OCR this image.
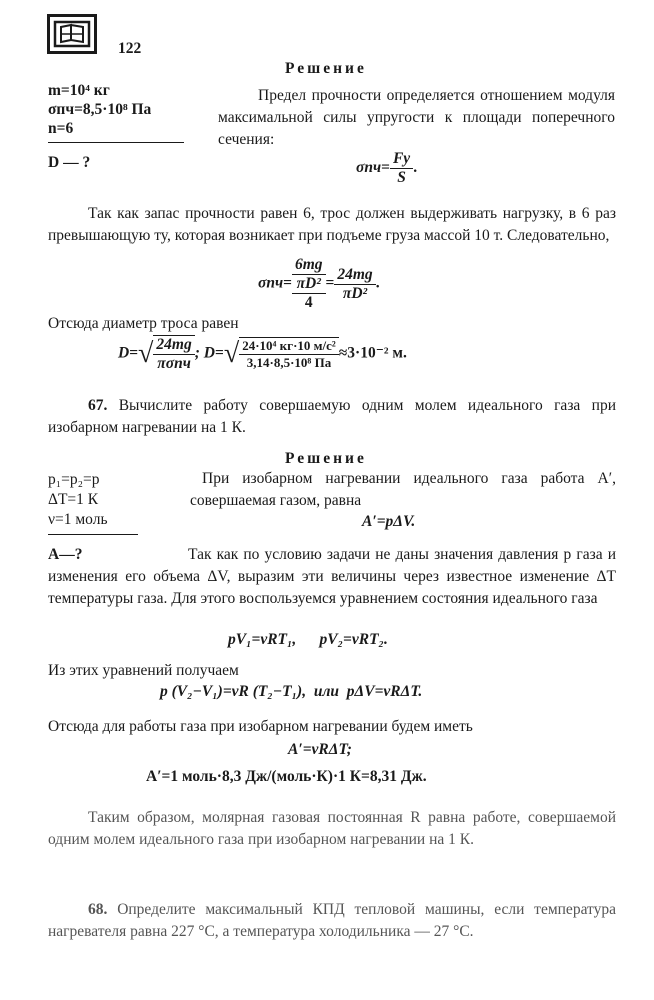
122
m=10⁴ кг
σпч=8,5·10⁸ Па
n=6
D — ?
Решение
Предел прочности определяется отношением модуля максимальной силы упругости к площади поперечного сечения:
$\sigma пч= \frac{Fу}{S}$ .
Так как запас прочности равен 6, трос должен выдерживать нагрузку, в 6 раз превышающую ту, которая возникает при подъеме груза массой 10 т. Следовательно,
σпч=
6mg
πD²
4
= $\frac{24mg}{\text{πD²}}$ .
Отсюда диаметр троса равен
$D=√ \frac{24mg}{\text{πσпч}}$ ; $D=√ \frac{\text{24·10⁴ кг·10 м/с²}}{\text{3,14·8,5·10⁸ Па}} \approx 3\cdot 10^{-2}$ м.
67. Вычислите работу совершаемую одним молем идеального газа при изобарном нагревании на 1 К.
Решение
p₁=p₂=p
ΔT=1 К
ν=1 моль
A—?
При изобарном нагревании идеального газа работа A′, совершаемая газом, равна
A′=pΔV.
Так как по условию задачи не даны значения давления p газа и изменения его объема ΔV, выразим эти величины через известное изменение ΔT температуры газа. Для этого воспользуемся уравнением состояния идеального газа
pV₁=νRT₁,      pV₂=νRT₂.
Из этих уравнений получаем
p (V₂−V₁)=νR (T₂−T₁),  или  pΔV=νRΔT.
Отсюда для работы газа при изобарном нагревании будем иметь
A′=νRΔT;
A′=1 моль·8,3 Дж/(моль·К)·1 К=8,31 Дж.
Таким образом, молярная газовая постоянная R равна работе, совершаемой одним молем идеального газа при изобарном нагревании на 1 К.
68. Определите максимальный КПД тепловой машины, если температура нагревателя равна 227 °С, а температура холодильника — 27 °С.
